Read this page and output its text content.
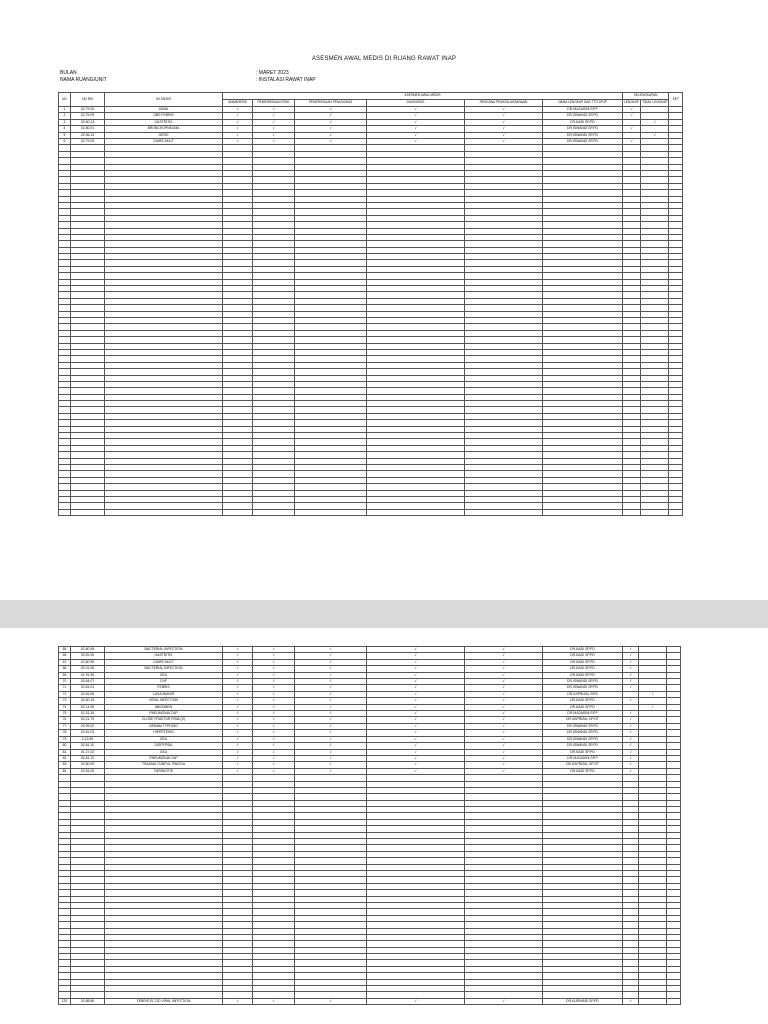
ASESMEN AWAL MEDIS DI RUANG RAWAT INAP
BULAN	: MARET 2023
NAMA RUANG/UNIT	: INSTALASI RAWAT INAP
NO	NO RM	DX MEDIS	ASESMEN AWAL MEDIS						KELENGKAPAN		KET
			ANAMNESIS	PEMERIKSAAN FISIK	PEMERIKSAAN PENUNJANG	DIAGNOSIS	RENCANA PENATALAKSANAAN	NAMA LENGKAP DAN TTD DPJP	LENGKAP	TIDAK LENGKAP	
1	02.79.00	ASMA	√	√	√	√	√	DR.NUGASINI SP.P	√		
2	02.79.09	OBS FEBRIS	√	√	√	√	√	DR.ISWANDI SP.PD	√		
3	02.60.13	GASTRITIS	√	√	√	√	√	DR.NADI SP.PD		√	
4	02.80.01	BRONCHOPNEUMA	√	√	√	√	√	DR.ISWANDI SP.PD	√		
5	02.06.13	GERD	√	√	√	√	√	DR.ISWANDI SP.PD		√	
6	02.79.09	DIARE AKUT	√	√	√	√	√	DR.ISWANDI SP.PD	√		

65	02.80.98	BACTERIAL INFECTION	√	√	√	√	√	DR.NADI SP.PD	√		
66	02.81.00	GASTRITIS	√	√	√	√	√	DR.NADI SP.PD	√		
67	02.80.95	DIARE AKUT	√	√	√	√	√	DR.NADI SP.PD	√		
68	02.01.95	BACTERIAL INFECTION	√	√	√	√	√	DR.NADI SP.PD	√		
69	01.91.95	GEA	√	√	√	√	√	DR.NADI SP.PD	√		
70	00.64.07	CHF	√	√	√	√	√	DR.ISWANDI SP.PD	√		
71	02.81.01	FEBRIS	√	√	√	√	√	DR.ISWANDI SP.PD	√		
72	02.81.06	LUKA BAKAR	√	√	√	√	√	DR.SAPRIZAL SP.B		√	
73	02.60.19	VIRAL INFECTION	√	√	√	√	√	DR.NADI SP.PD	√		
74	02.14.08	ABDOMEN	√	√	√	√	√	DR.NADI SP.PD		√	
75	02.31.16	PNEUMONIA CAP	√	√	√	√	√	DR.NUGASINI SP.P	√		
76	02.21.79	CLOSE FRAKTUR FIBIA (S)	√	√	√	√	√	DR.SAPRIZAL SP.OT	√		
77	02.09.02	DEMAM TYPHOID	√	√	√	√	√	DR.ISWANDI SP.PD	√		
78	02.81.03	HIPERTENSI	√	√	√	√	√	DR.ISWANDI SP.PD	√		
79	2.13.59	GEA	√	√	√	√	√	DR.ISWANDI SP.PD	√		
80	02.81.10	DISPEPSIA	√	√	√	√	√	DR.ISWANDI SP.PD	√		
81	01.27.02	GEA	√	√	√	√	√	DR.NADI SP.PD	√		
82	02.81.12	PNEUMONIA CAP	√	√	√	√	√	DR.NUGASINI SP.P	√		
83	02.80.09	TRAUMA TUMPUL PINGGA	√	√	√	√	√	DR.SAPRIZAL SP.OT	√		
84	02.81.09	FARINGITIS	√	√	√	√	√	DR.NADI SP.PD	√		

120	02.88.86	FEBRIS EC DD VIRAL INFECTION	√	√	√	√	√	DR.KURNIADI SP.PD	√		
